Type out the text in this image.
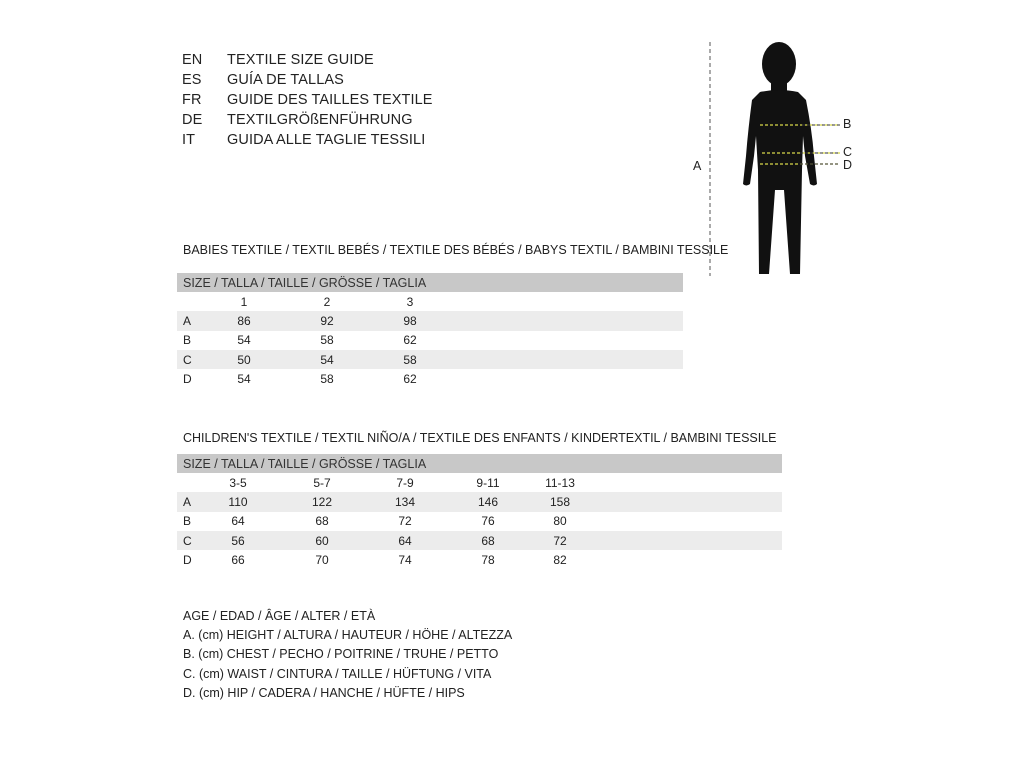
EN	TEXTILE SIZE GUIDE
ES	GUÍA DE TALLAS
FR	GUIDE DES TAILLES TEXTILE
DE	TEXTILGRÖßENFÜHRUNG
IT	GUIDA ALLE TAGLIE TESSILI
A
B
C
D
BABIES TEXTILE / TEXTIL BEBÉS / TEXTILE DES BÉBÉS / BABYS TEXTIL / BAMBINI TESSILE
SIZE / TALLA / TAILLE / GRÖSSE / TAGLIA
1	2	3
A	86	92	98
B	54	58	62
C	50	54	58
D	54	58	62
CHILDREN'S TEXTILE / TEXTIL NIÑO/A / TEXTILE DES ENFANTS / KINDERTEXTIL / BAMBINI TESSILE
SIZE / TALLA / TAILLE / GRÖSSE / TAGLIA
3-5	5-7	7-9	9-11	11-13
A	110	122	134	146	158
B	64	68	72	76	80
C	56	60	64	68	72
D	66	70	74	78	82
AGE / EDAD / ÂGE / ALTER / ETÀ
A. (cm) HEIGHT / ALTURA / HAUTEUR / HÖHE / ALTEZZA
B. (cm) CHEST / PECHO / POITRINE / TRUHE / PETTO
C. (cm) WAIST / CINTURA / TAILLE / HÜFTUNG / VITA
D. (cm) HIP / CADERA / HANCHE / HÜFTE / HIPS
